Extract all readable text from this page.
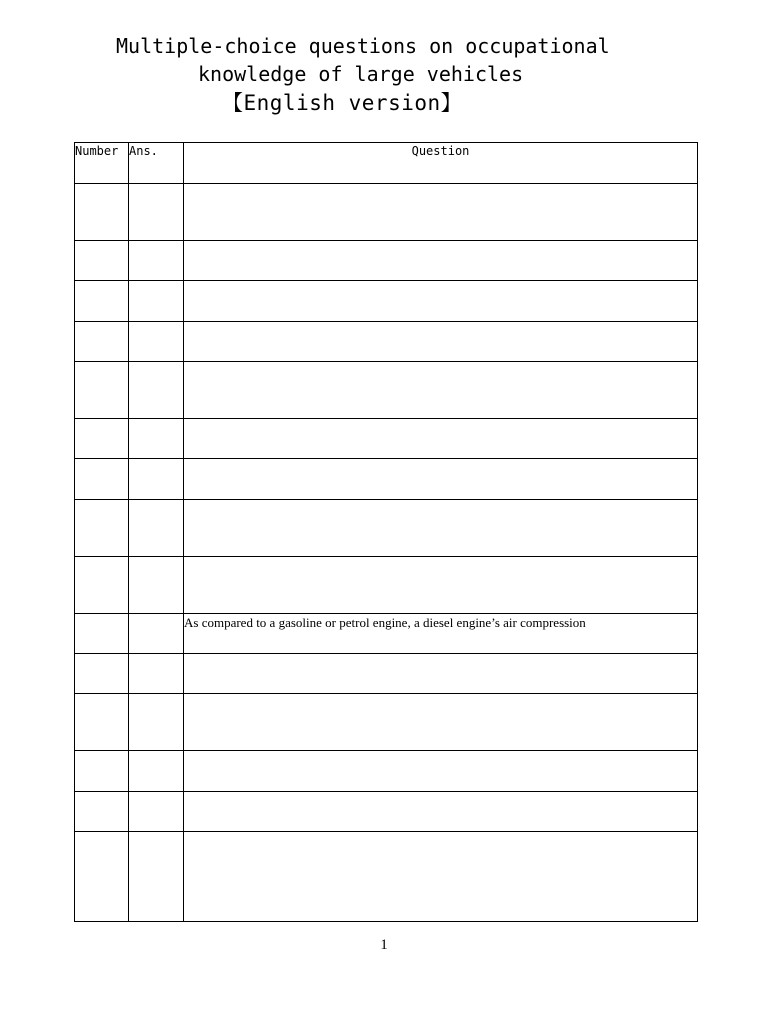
Multiple-choice questions on occupational
knowledge of large vehicles
【English version】
Number	Ans.	Question

		As compared to a gasoline or petrol engine, a diesel engine’s air compression

1
